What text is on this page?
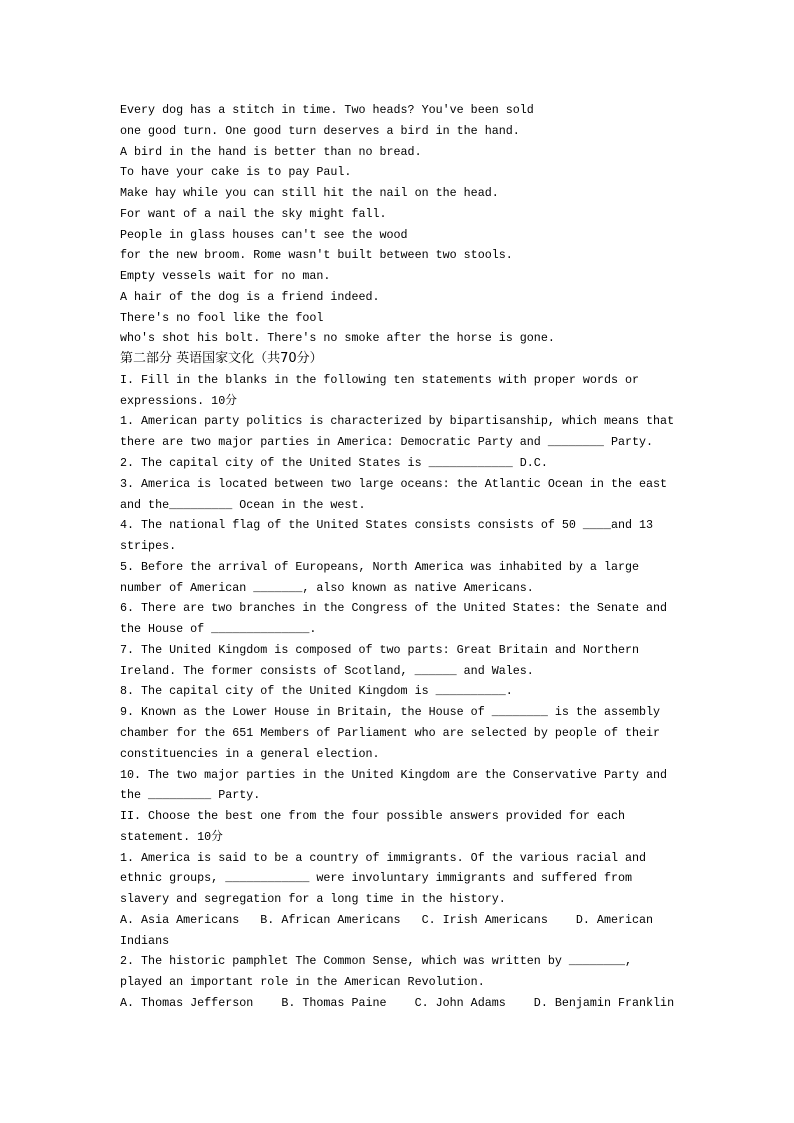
Every dog has a stitch in time. Two heads? You've been sold
one good turn. One good turn deserves a bird in the hand.
A bird in the hand is better than no bread.
To have your cake is to pay Paul.
Make hay while you can still hit the nail on the head.
For want of a nail the sky might fall.
People in glass houses can't see the wood
for the new broom. Rome wasn't built between two stools.
Empty vessels wait for no man.
A hair of the dog is a friend indeed.
There's no fool like the fool
who's shot his bolt. There's no smoke after the horse is gone.
第二部分 英语国家文化（共70分）
I. Fill in the blanks in the following ten statements with proper words or
expressions. 10分
1. American party politics is characterized by bipartisanship, which means that
there are two major parties in America: Democratic Party and ________ Party.
2. The capital city of the United States is ____________ D.C.
3. America is located between two large oceans: the Atlantic Ocean in the east
and the_________ Ocean in the west.
4. The national flag of the United States consists consists of 50 ____and 13
stripes.
5. Before the arrival of Europeans, North America was inhabited by a large
number of American _______, also known as native Americans.
6. There are two branches in the Congress of the United States: the Senate and
the House of ______________.
7. The United Kingdom is composed of two parts: Great Britain and Northern
Ireland. The former consists of Scotland, ______ and Wales.
8. The capital city of the United Kingdom is __________.
9. Known as the Lower House in Britain, the House of ________ is the assembly
chamber for the 651 Members of Parliament who are selected by people of their
constituencies in a general election.
10. The two major parties in the United Kingdom are the Conservative Party and
the _________ Party.
II. Choose the best one from the four possible answers provided for each
statement. 10分
1. America is said to be a country of immigrants. Of the various racial and
ethnic groups, ____________ were involuntary immigrants and suffered from
slavery and segregation for a long time in the history.
A. Asia Americans   B. African Americans   C. Irish Americans    D. American
Indians
2. The historic pamphlet The Common Sense, which was written by ________,
played an important role in the American Revolution.
A. Thomas Jefferson    B. Thomas Paine    C. John Adams    D. Benjamin Franklin
